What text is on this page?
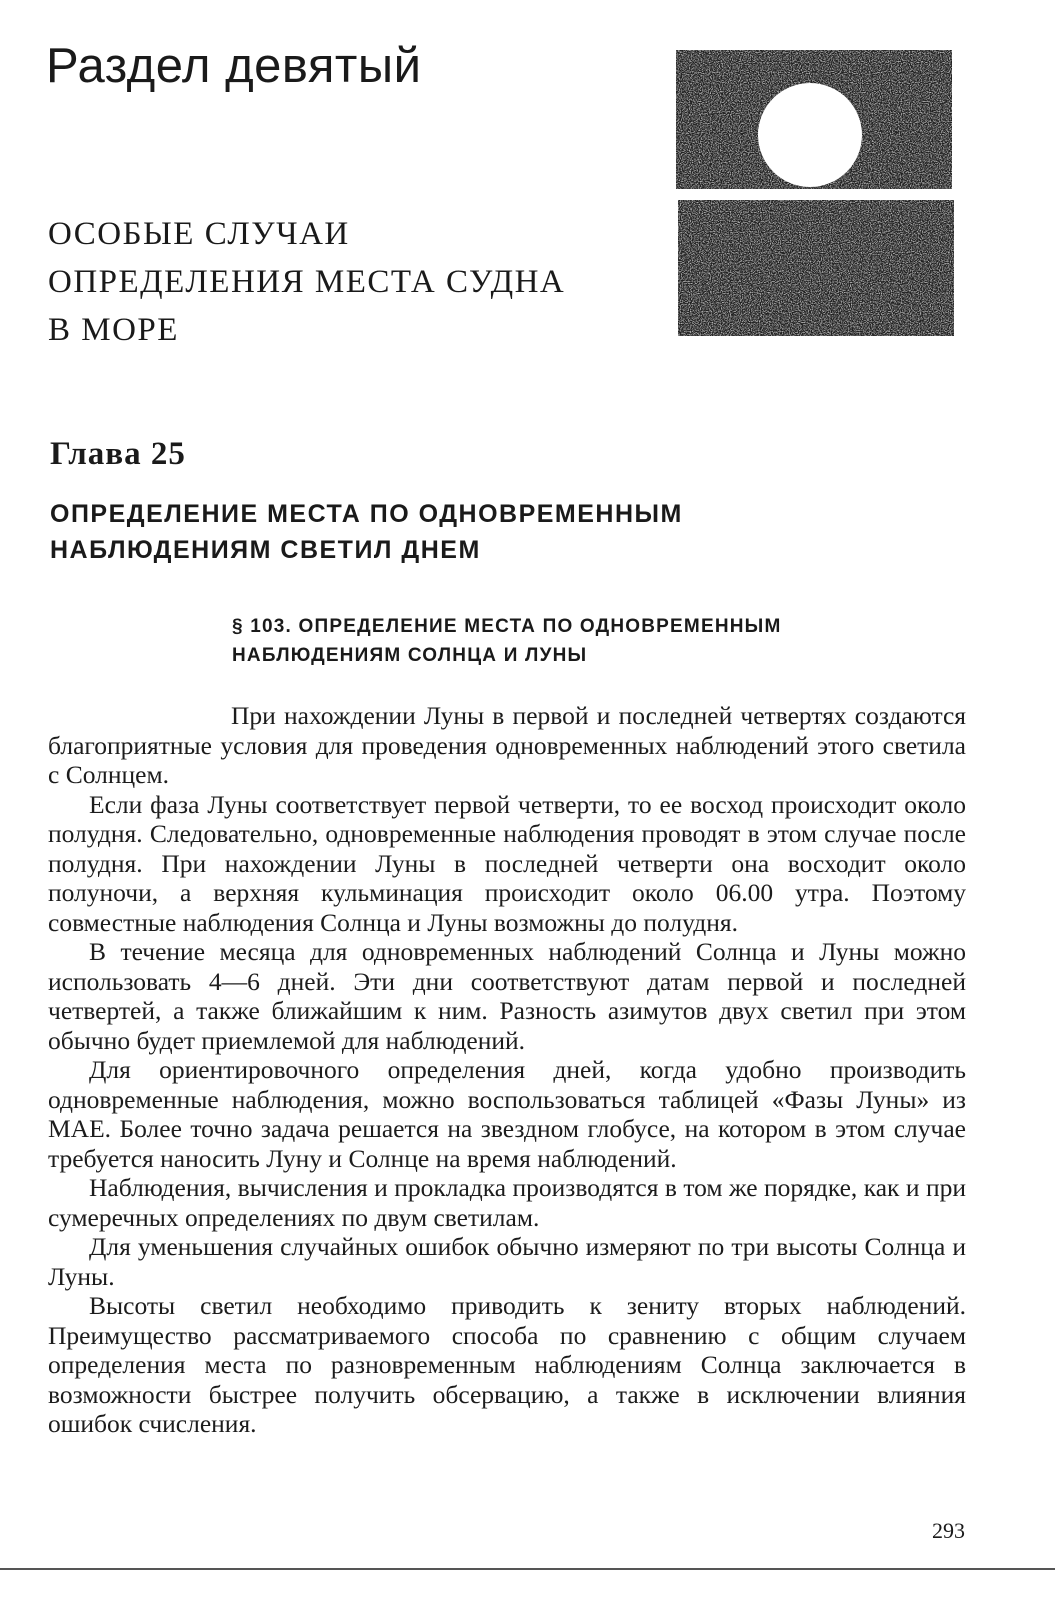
Раздел девятый
ОСОБЫЕ СЛУЧАИ
ОПРЕДЕЛЕНИЯ МЕСТА СУДНА
В МОРЕ
Глава 25
ОПРЕДЕЛЕНИЕ МЕСТА ПО ОДНОВРЕМЕННЫМ
НАБЛЮДЕНИЯМ СВЕТИЛ ДНЕМ
§ 103. ОПРЕДЕЛЕНИЕ МЕСТА ПО ОДНОВРЕМЕННЫМ
НАБЛЮДЕНИЯМ СОЛНЦА И ЛУНЫ

При нахождении Луны в первой и последней четвертях создаются благоприятные условия для проведения одновременных наблюдений этого светила с Солнцем.

Если фаза Луны соответствует первой четверти, то ее восход происходит около полудня. Следовательно, одновременные наблюдения проводят в этом случае после полудня. При нахождении Луны в последней четверти она восходит около полуночи, а верхняя кульминация происходит около 06.00 утра. Поэтому совместные наблюдения Солнца и Луны возможны до полудня.

В течение месяца для одновременных наблюдений Солнца и Луны можно использовать 4—6 дней. Эти дни соответствуют датам первой и последней четвертей, а также ближайшим к ним. Разность азимутов двух светил при этом обычно будет приемлемой для наблюдений.

Для ориентировочного определения дней, когда удобно производить одновременные наблюдения, можно воспользоваться таблицей «Фазы Луны» из МАЕ. Более точно задача решается на звездном глобусе, на котором в этом случае требуется наносить Луну и Солнце на время наблюдений.

Наблюдения, вычисления и прокладка производятся в том же порядке, как и при сумеречных определениях по двум светилам.

Для уменьшения случайных ошибок обычно измеряют по три высоты Солнца и Луны.

Высоты светил необходимо приводить к зениту вторых наблюдений. Преимущество рассматриваемого способа по сравнению с общим случаем определения места по разновременным наблюдениям Солнца заключается в возможности быстрее получить обсервацию, а также в исключении влияния ошибок счисления.

293
